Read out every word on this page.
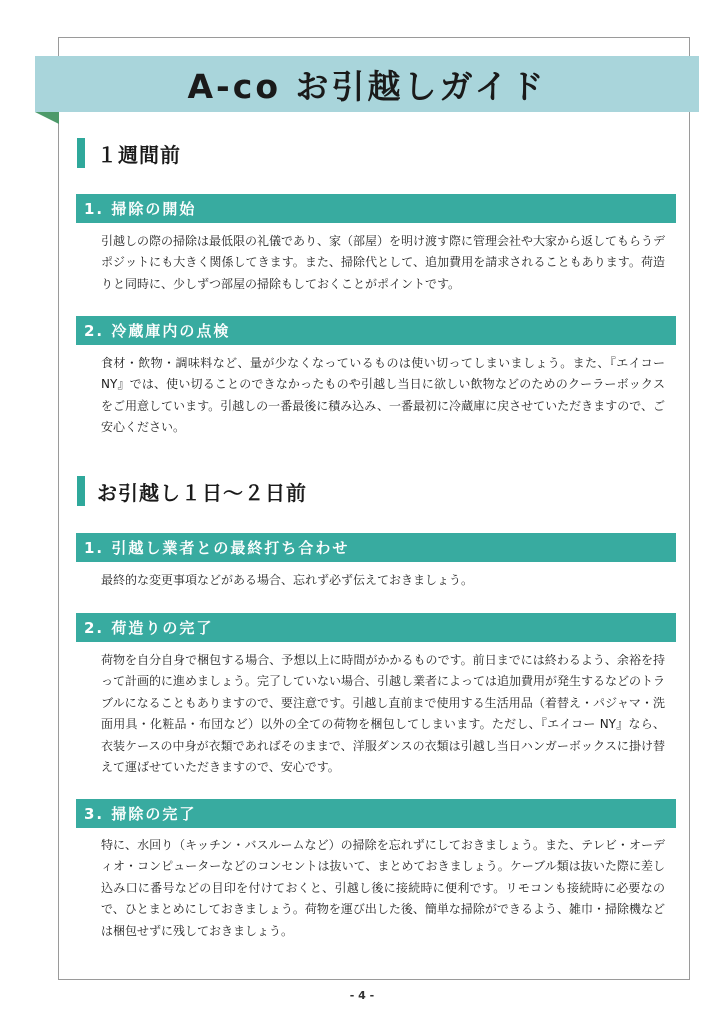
A-co お引越しガイド
１週間前
1. 掃除の開始

引越しの際の掃除は最低限の礼儀であり、家（部屋）を明け渡す際に管理会社や大家から返してもらうデポジットにも大きく関係してきます。また、掃除代として、追加費用を請求されることもあります。荷造りと同時に、少しずつ部屋の掃除もしておくことがポイントです。

2. 冷蔵庫内の点検

食材・飲物・調味料など、量が少なくなっているものは使い切ってしまいましょう。また、『エイコーNY』では、使い切ることのできなかったものや引越し当日に欲しい飲物などのためのクーラーボックスをご用意しています。引越しの一番最後に積み込み、一番最初に冷蔵庫に戻させていただきますので、ご安心ください。

お引越し１日〜２日前
1. 引越し業者との最終打ち合わせ

最終的な変更事項などがある場合、忘れず必ず伝えておきましょう。

2. 荷造りの完了

荷物を自分自身で梱包する場合、予想以上に時間がかかるものです。前日までには終わるよう、余裕を持って計画的に進めましょう。完了していない場合、引越し業者によっては追加費用が発生するなどのトラブルになることもありますので、要注意です。引越し直前まで使用する生活用品（着替え・パジャマ・洗面用具・化粧品・布団など）以外の全ての荷物を梱包してしまいます。ただし、『エイコー NY』なら、衣装ケースの中身が衣類であればそのままで、洋服ダンスの衣類は引越し当日ハンガーボックスに掛け替えて運ばせていただきますので、安心です。

3. 掃除の完了

特に、水回り（キッチン・バスルームなど）の掃除を忘れずにしておきましょう。また、テレビ・オーディオ・コンピューターなどのコンセントは抜いて、まとめておきましょう。ケーブル類は抜いた際に差し込み口に番号などの目印を付けておくと、引越し後に接続時に便利です。リモコンも接続時に必要なので、ひとまとめにしておきましょう。荷物を運び出した後、簡単な掃除ができるよう、雑巾・掃除機などは梱包せずに残しておきましょう。

- 4 -
